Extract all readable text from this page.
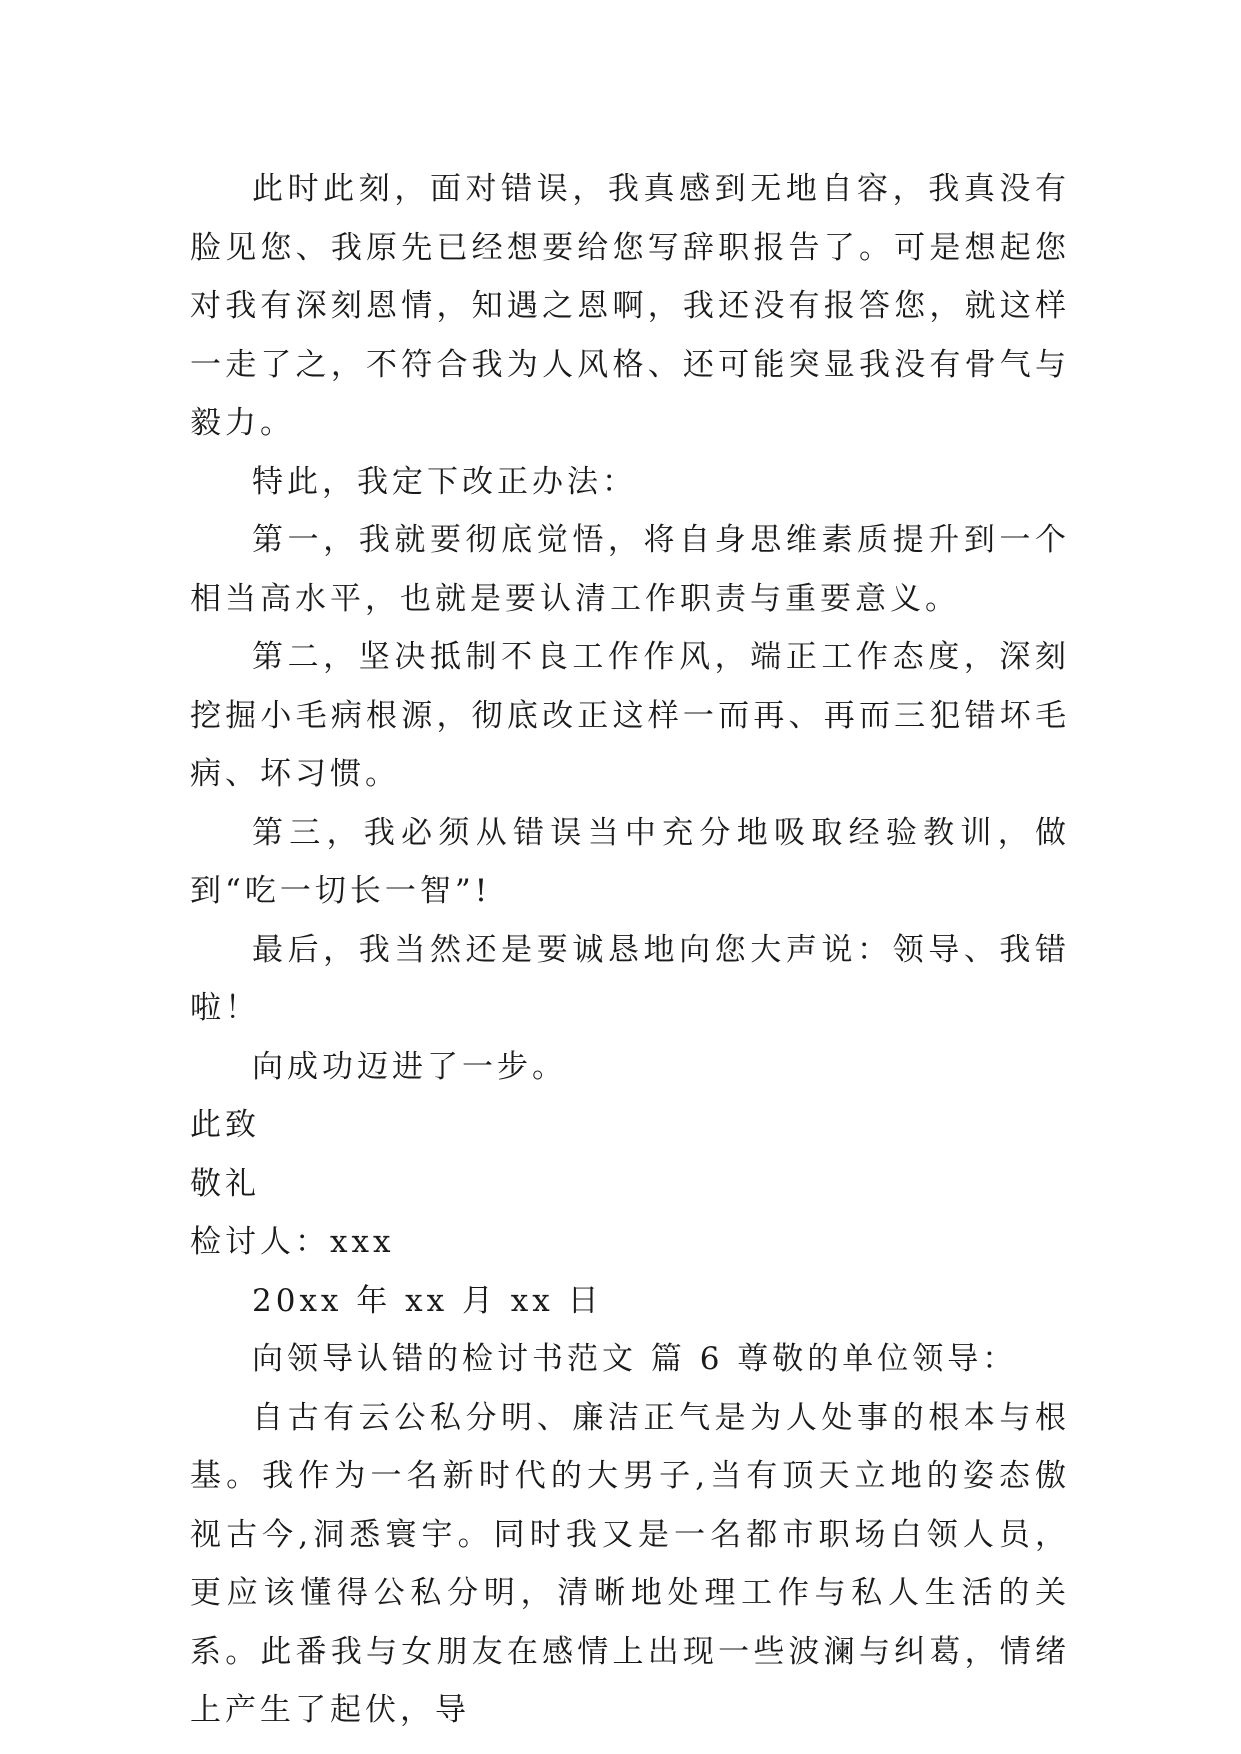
此时此刻，面对错误，我真感到无地自容，我真没有脸见您、我原先已经想要给您写辞职报告了。可是想起您对我有深刻恩情，知遇之恩啊，我还没有报答您，就这样一走了之，不符合我为人风格、还可能突显我没有骨气与毅力。

特此，我定下改正办法：

第一，我就要彻底觉悟，将自身思维素质提升到一个相当高水平，也就是要认清工作职责与重要意义。

第二，坚决抵制不良工作作风，端正工作态度，深刻挖掘小毛病根源，彻底改正这样一而再、再而三犯错坏毛病、坏习惯。

第三，我必须从错误当中充分地吸取经验教训，做到“吃一切长一智”!

最后，我当然还是要诚恳地向您大声说：领导、我错啦！

向成功迈进了一步。

此致

敬礼

检讨人：xxx

20xx 年 xx 月 xx 日

向领导认错的检讨书范文 篇 6 尊敬的单位领导：

自古有云公私分明、廉洁正气是为人处事的根本与根基。我作为一名新时代的大男子,当有顶天立地的姿态傲视古今,洞悉寰宇。同时我又是一名都市职场白领人员，更应该懂得公私分明，清晰地处理工作与私人生活的关系。此番我与女朋友在感情上出现一些波澜与纠葛，情绪上产生了起伏，导
